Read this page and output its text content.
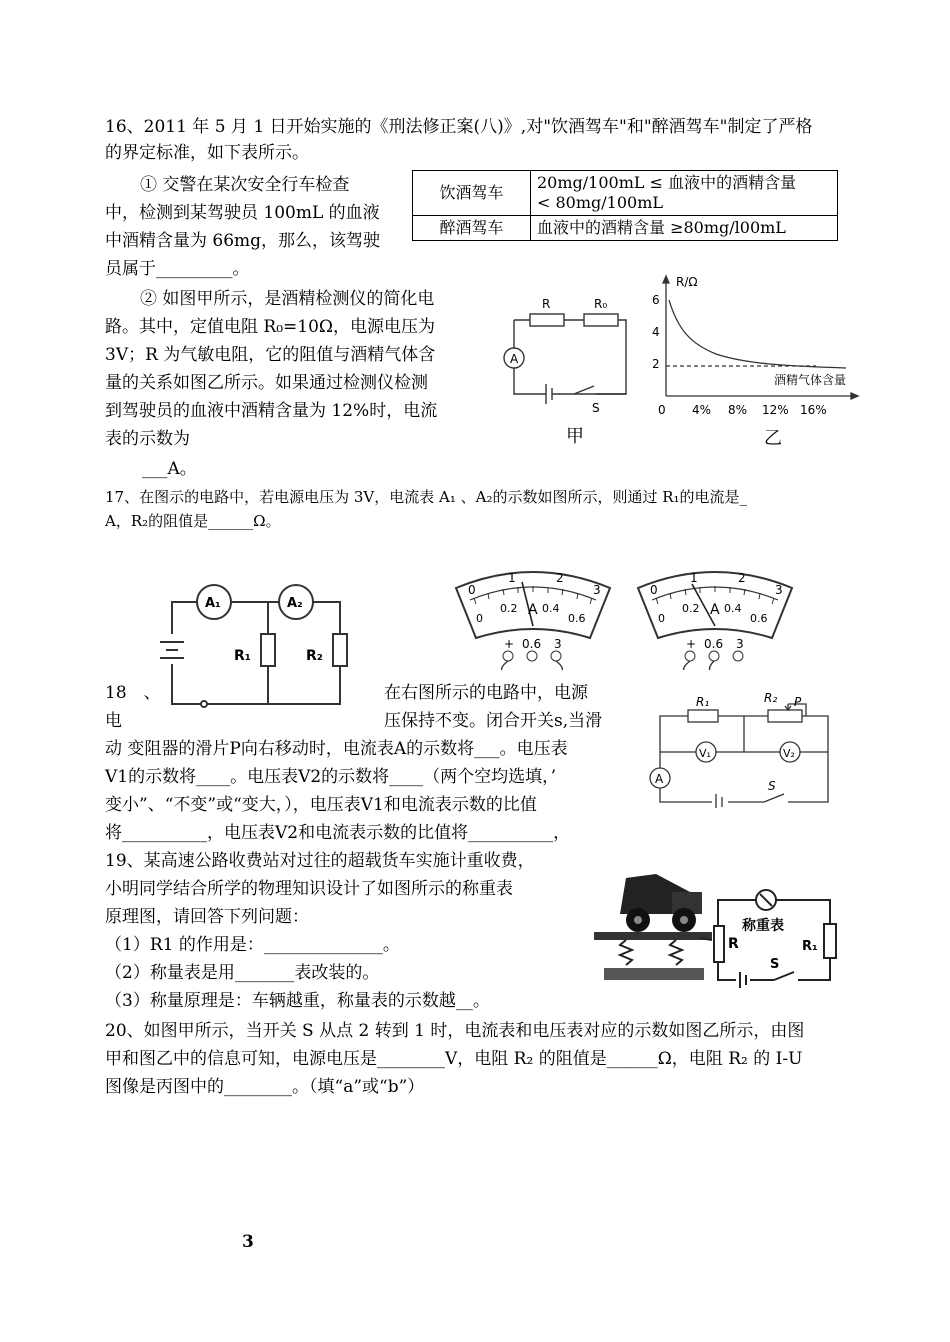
16、2011 年 5 月 1 日开始实施的《刑法修正案(八)》,对"饮酒驾车"和"醉酒驾车"制定了严格
的界定标准，如下表所示。
① 交警在某次安全行车检查
中，检测到某驾驶员 100mL 的血液
中酒精含量为 66mg，那么，该驾驶
员属于_________。
饮酒驾车	20mg/100mL ≤ 血液中的酒精含量
< 80mg/100mL

醉酒驾车	血液中的酒精含量 ≥80mg/l00mL
② 如图甲所示，是酒精检测仪的简化电
路。其中，定值电阻 R₀=10Ω，电源电压为
3V；R 为气敏电阻，它的阻值与酒精气体含
量的关系如图乙所示。如果通过检测仪检测
到驾驶员的血液中酒精含量为 12%时，电流
表的示数为
___A。
R	R₀
A
S
甲
R/Ω
6
4
2
0 4% 8% 12% 16%
酒精气体含量
乙
17、在图示的电路中，若电源电压为 3V，电流表 A₁ 、A₂的示数如图所示，则通过 R₁的电流是_
A，R₂的阻值是______Ω。
A₁	A₂
R₁	R₂
0
1	2
3
0
0.2 0.4
0.6
A
+ 0.6 3
0
1	2
3
0
0.2 0.4
0.6
A
+ 0.6 3
18　、	在右图所示的电路中，电源
电	压保持不变。闭合开关s,当滑
动 变阻器的滑片P向右移动时，电流表A的示数将___。电压表
V1的示数将____。电压表V2的示数将____（两个空均选填，’
变小”、“不变”或“变大，），电压表V1和电流表示数的比值
将__________，电压表V2和电流表示数的比值将__________，
R₁	R₂ P
V₁	V₂
A	S
19、某高速公路收费站对过往的超载货车实施计重收费，
小明同学结合所学的物理知识设计了如图所示的称重表
原理图，请回答下列问题：
（1）R1 的作用是：______________。
（2）称量表是用_______表改装的。
（3）称量原理是：车辆越重，称量表的示数越__。
称重表
R	R₁
S
20、如图甲所示，当开关 S 从点 2 转到 1 时，电流表和电压表对应的示数如图乙所示，由图
甲和图乙中的信息可知，电源电压是________V，电阻 R₂ 的阻值是______Ω，电阻 R₂ 的 I-U
图像是丙图中的________。（填“a”或“b”）
3
